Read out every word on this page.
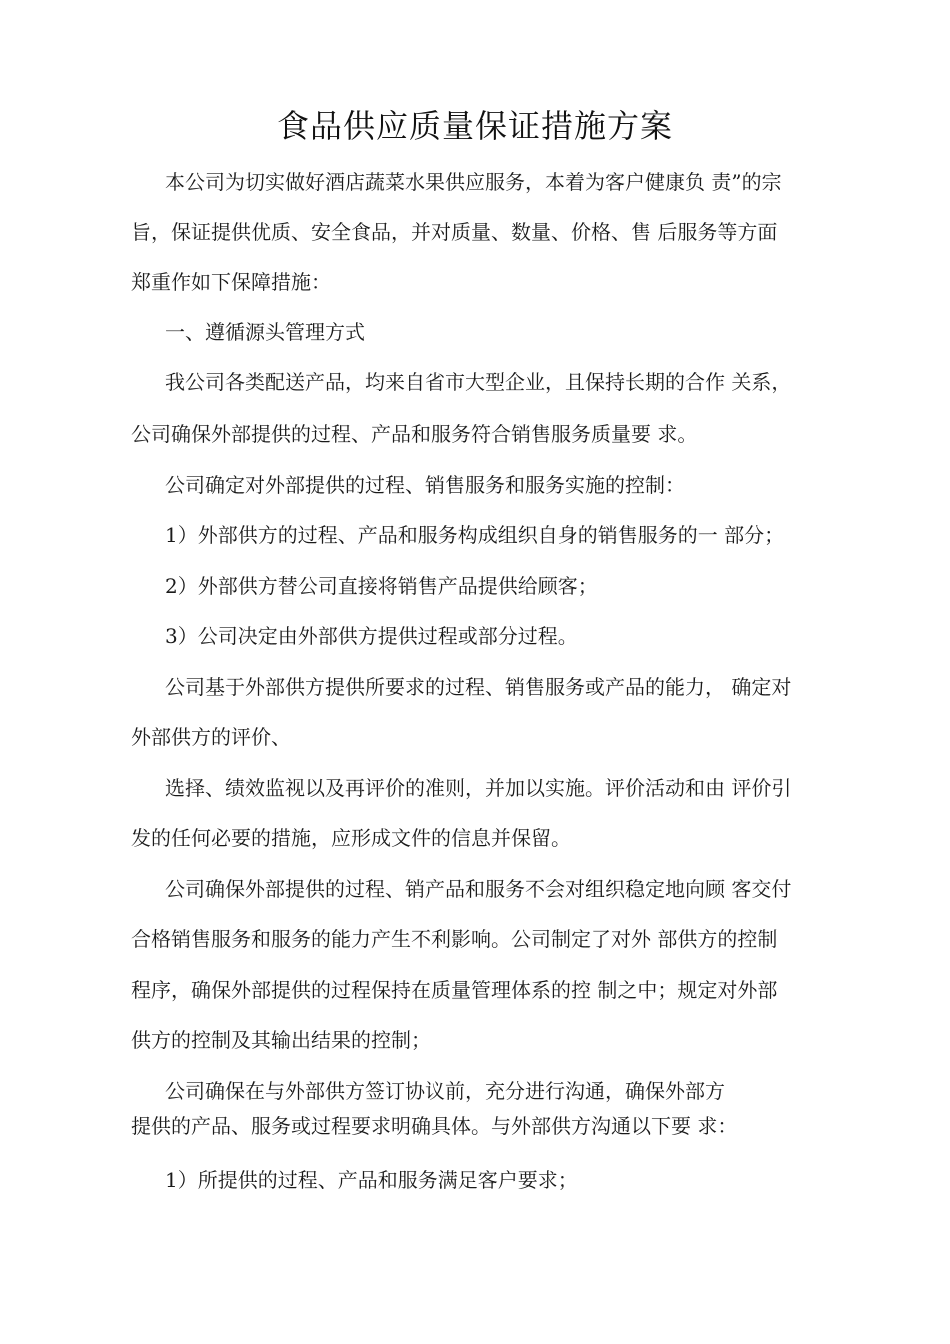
食品供应质量保证措施方案
本公司为切实做好酒店蔬菜水果供应服务，本着为客户健康负 责”的宗
旨，保证提供优质、安全食品，并对质量、数量、价格、售 后服务等方面
郑重作如下保障措施：
一、遵循源头管理方式
我公司各类配送产品，均来自省市大型企业，且保持长期的合作 关系，
公司确保外部提供的过程、产品和服务符合销售服务质量要 求。
公司确定对外部提供的过程、销售服务和服务实施的控制：
1）外部供方的过程、产品和服务构成组织自身的销售服务的一 部分；
2）外部供方替公司直接将销售产品提供给顾客；
3）公司决定由外部供方提供过程或部分过程。
公司基于外部供方提供所要求的过程、销售服务或产品的能力， 确定对
外部供方的评价、
选择、绩效监视以及再评价的准则，并加以实施。评价活动和由 评价引
发的任何必要的措施，应形成文件的信息并保留。
公司确保外部提供的过程、销产品和服务不会对组织稳定地向顾 客交付
合格销售服务和服务的能力产生不利影响。公司制定了对外 部供方的控制
程序，确保外部提供的过程保持在质量管理体系的控 制之中；规定对外部
供方的控制及其输出结果的控制；
公司确保在与外部供方签订协议前，充分进行沟通，确保外部方
提供的产品、服务或过程要求明确具体。与外部供方沟通以下要 求：
1）所提供的过程、产品和服务满足客户要求；
